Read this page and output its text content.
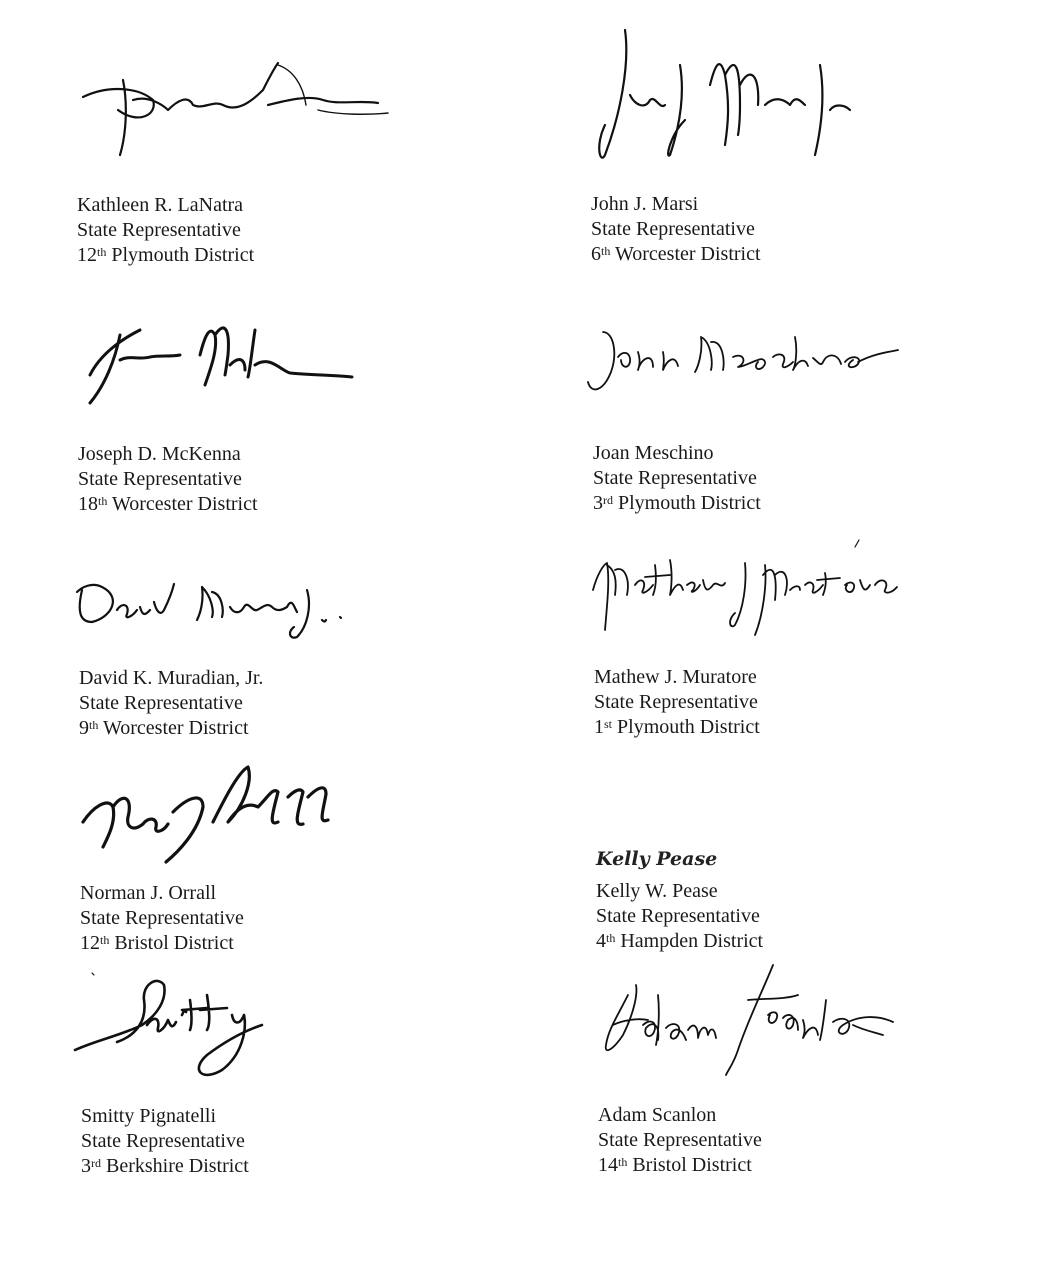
Kathleen R. LaNatra
State Representative
12th Plymouth District
John J. Marsi
State Representative
6th Worcester District
Joseph D. McKenna
State Representative
18th Worcester District
Joan Meschino
State Representative
3rd Plymouth District
David K. Muradian, Jr.
State Representative
9th Worcester District
Mathew J. Muratore
State Representative
1st Plymouth District
Kelly Pease
Norman J. Orrall
State Representative
12th Bristol District
Kelly W. Pease
State Representative
4th Hampden District
Smitty Pignatelli
State Representative
3rd Berkshire District
Adam Scanlon
State Representative
14th Bristol District
